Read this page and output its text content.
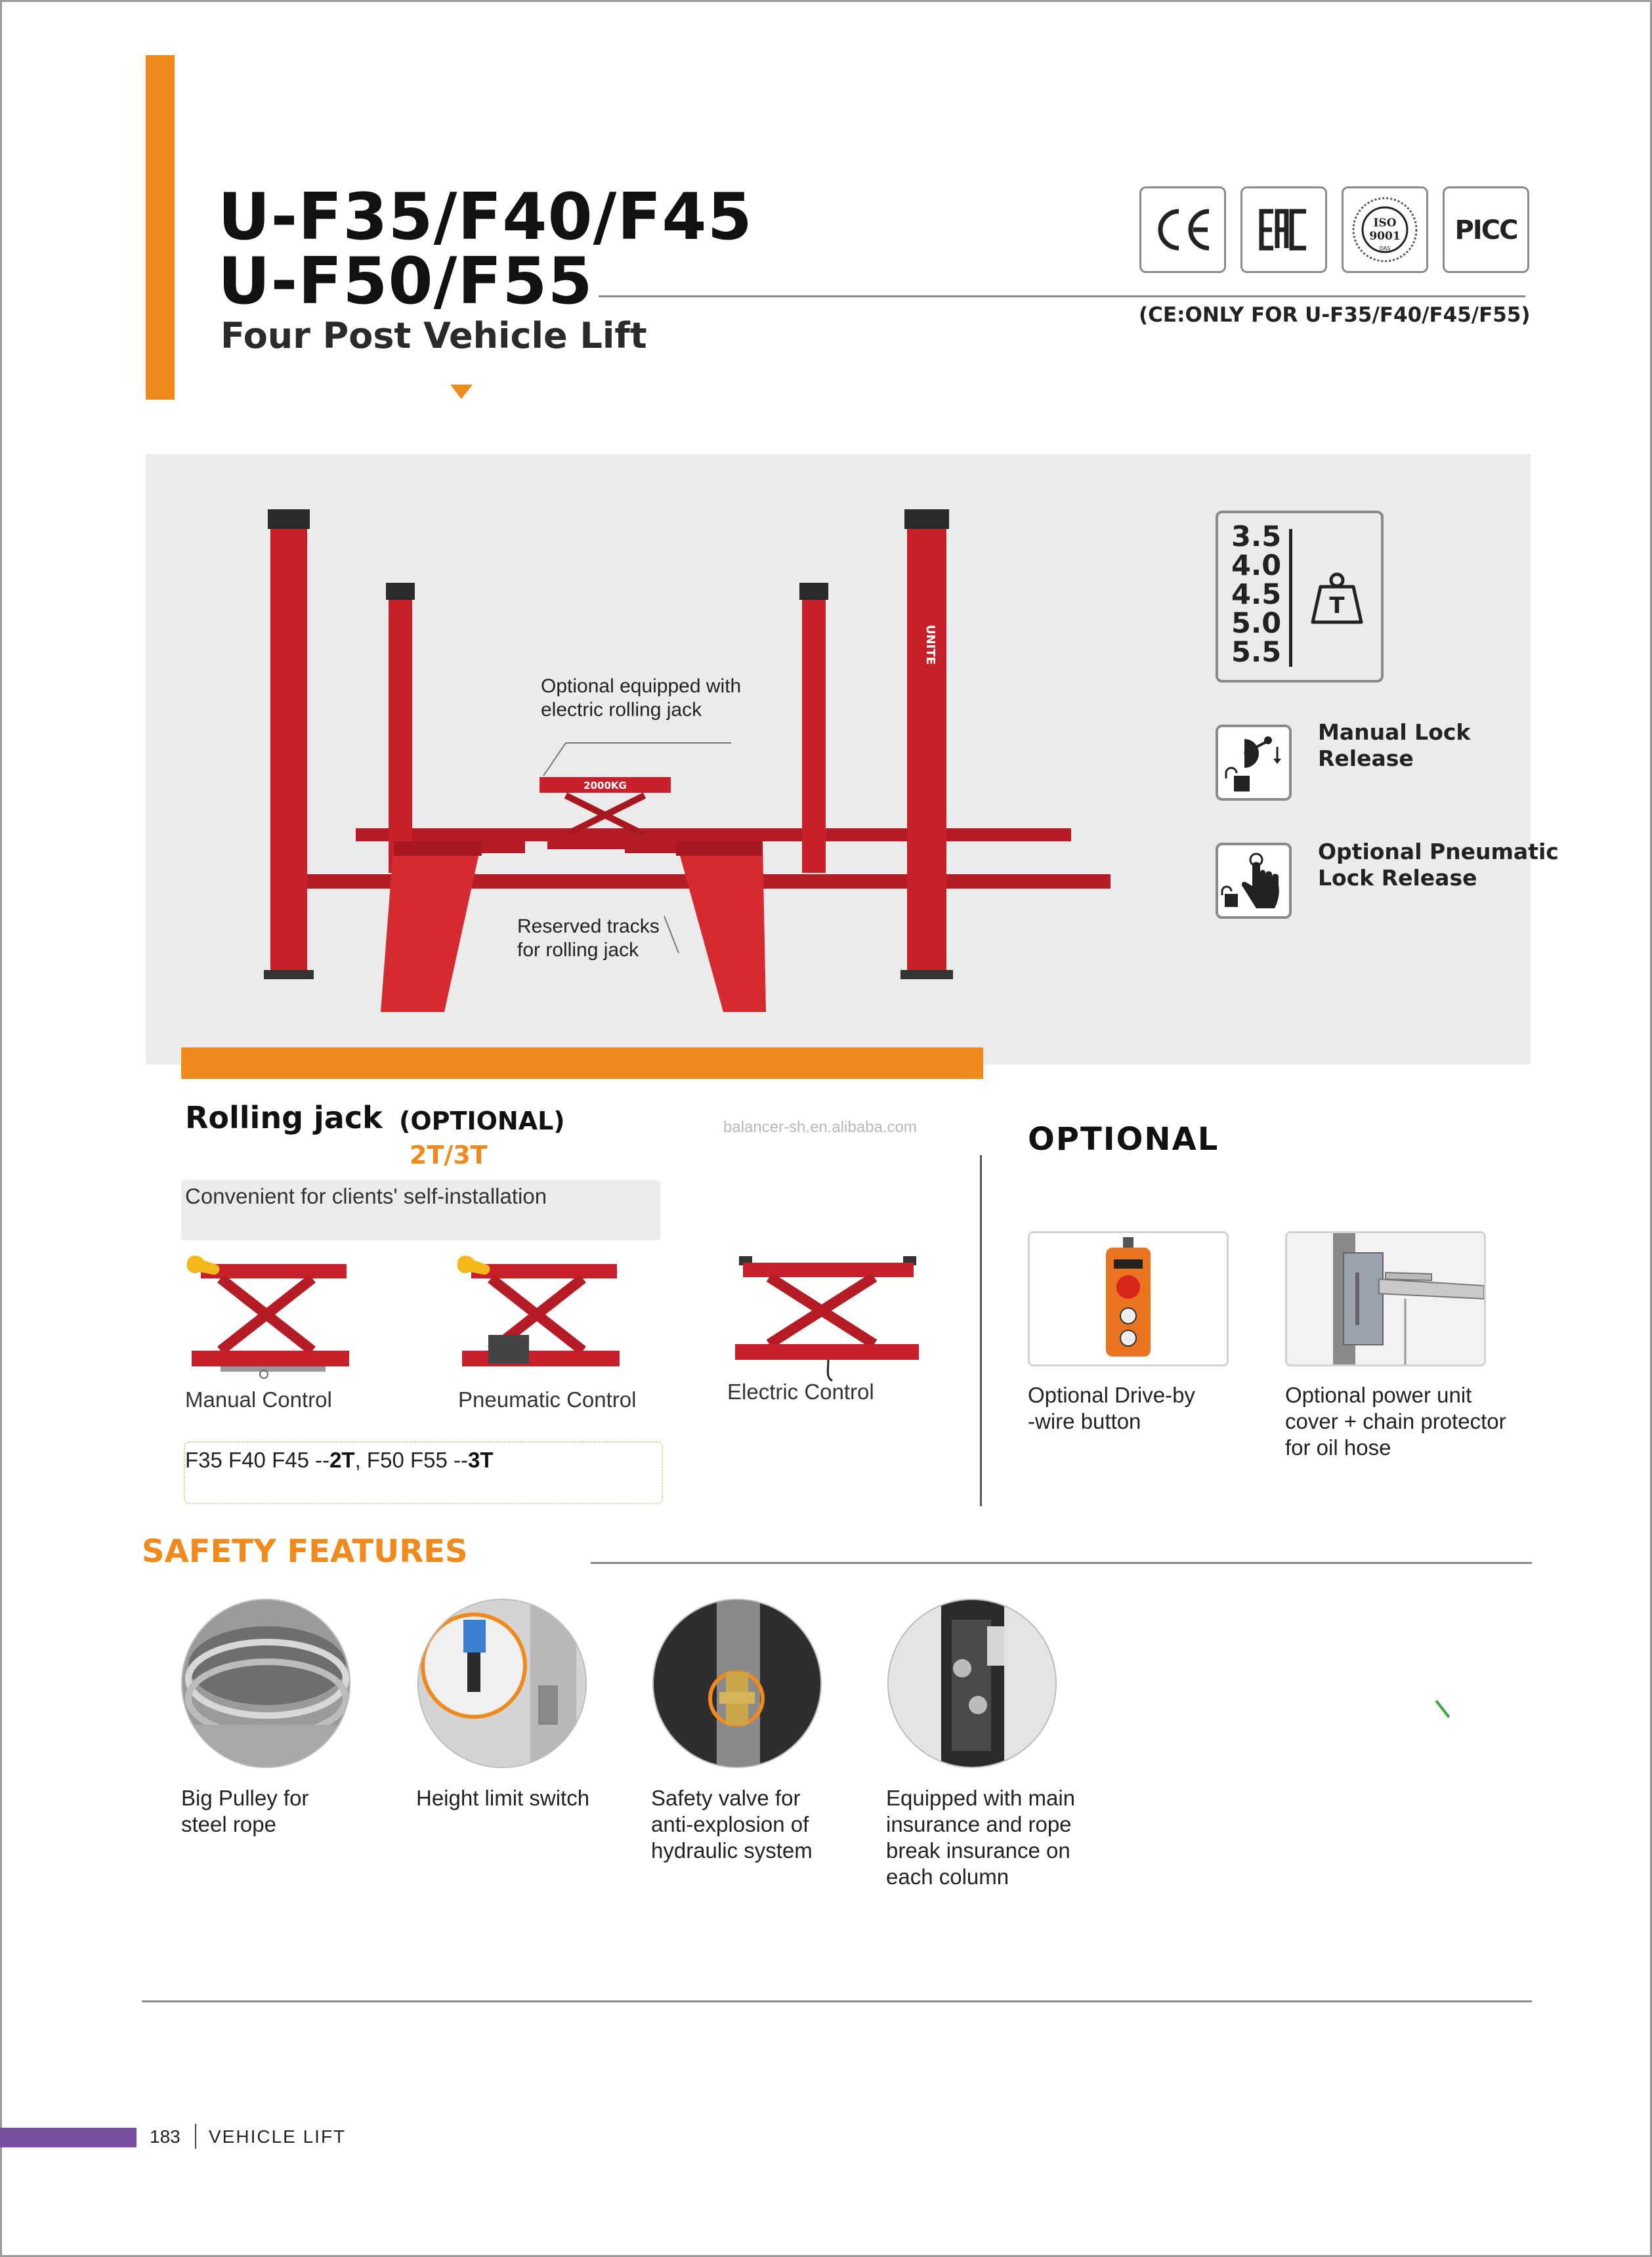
U-F35/F40/F45
U-F50/F55
Four Post Vehicle Lift
ISO
9001
DAS
PICC
(CE:ONLY FOR U-F35/F40/F45/F55)
UNITE
2000KG
Optional equipped with
electric rolling jack
Reserved tracks
for rolling jack
3.5
4.0
4.5
5.0
5.5
T
Manual Lock
Release
Optional Pneumatic
Lock Release
Rolling jack (OPTIONAL)
2T/3T
balancer-sh.en.alibaba.com
Convenient for clients' self-installation
Manual Control	Pneumatic Control	Electric Control
F35 F40 F45 --2T, F50 F55 --3T
OPTIONAL
Optional Drive-by
-wire button
Optional power unit
cover + chain protector
for oil hose
SAFETY FEATURES
Big Pulley for
steel rope
Height limit switch	Safety valve for
anti-explosion of
hydraulic system
Equipped with main
insurance and rope
break insurance on
each column
183 VEHICLE LIFT
